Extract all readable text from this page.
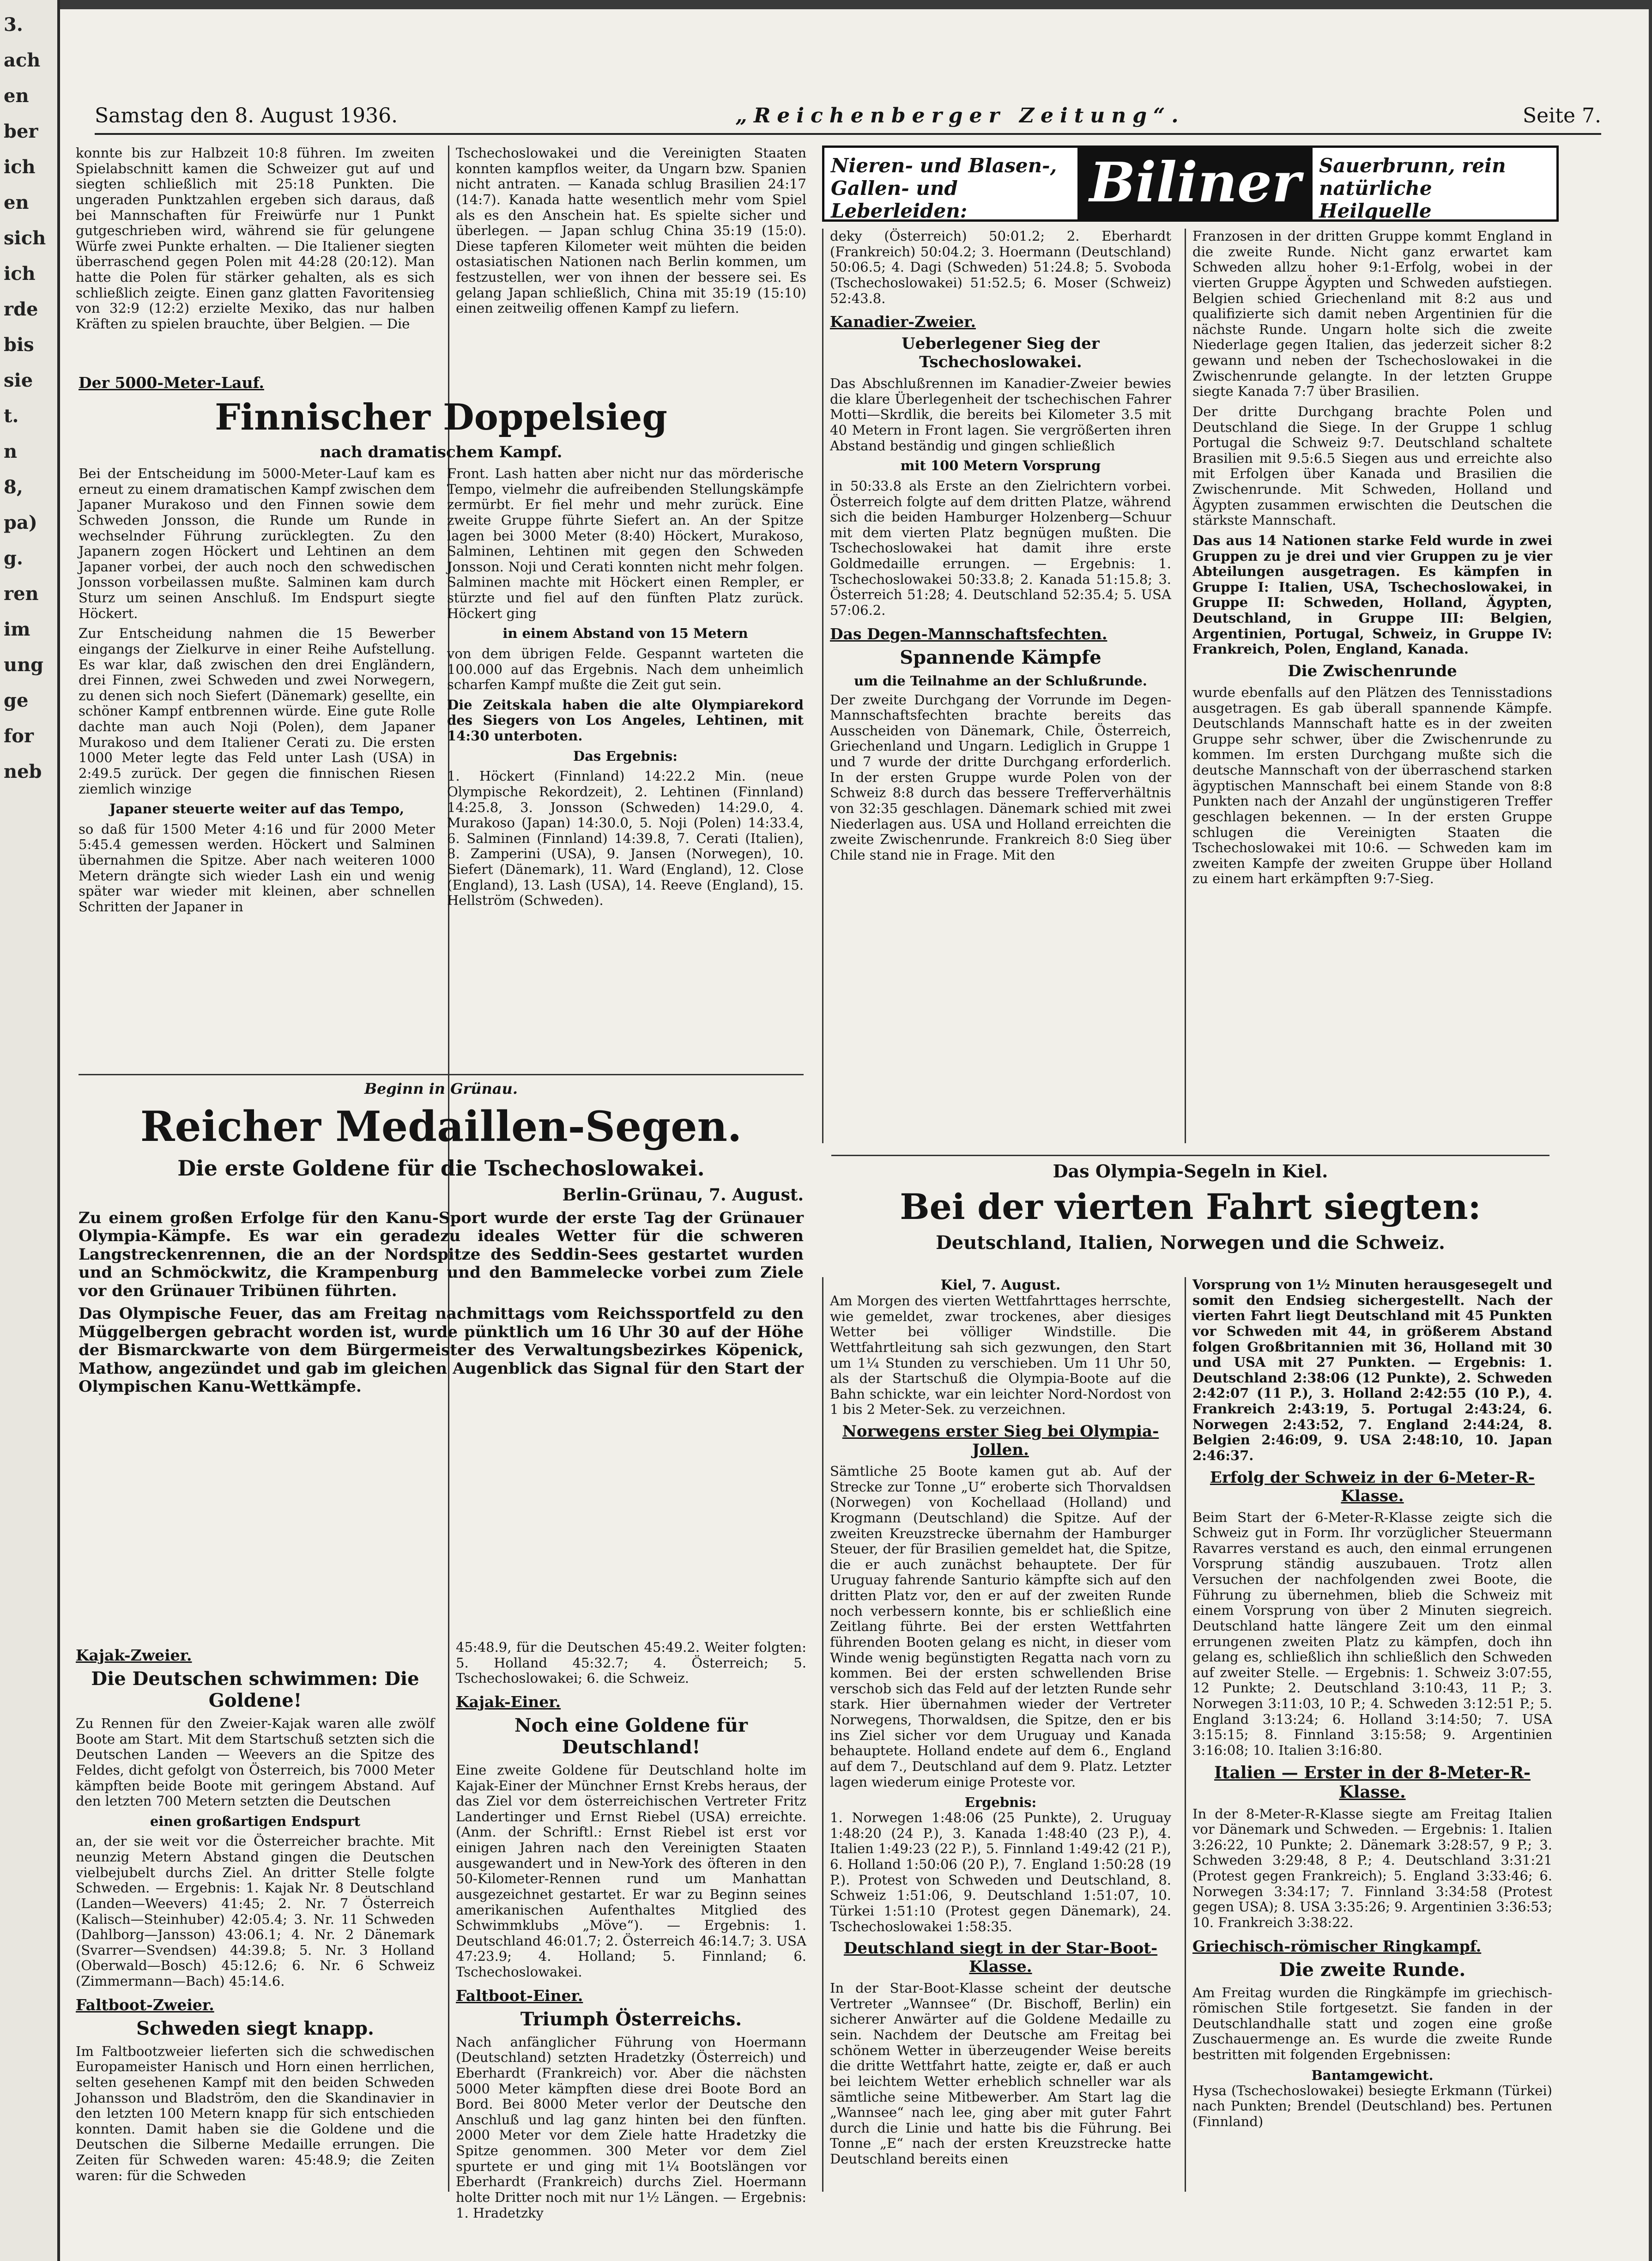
3.
ach
en
ber
ich
en
sich
ich
rde
bis
sie
t.
n
8,
pa)
g.
ren
im
ung
ge
for
neb
Samstag den 8. August 1936.	„Reichenberger Zeitung“.	Seite 7.
Nieren- und Blasen-, Gallen- und Leberleiden:	Biliner Sauerbrunn, rein natürliche Heilquelle

konnte bis zur Halbzeit 10:8 führen. Im zweiten Spielabschnitt kamen die Schweizer gut auf und siegten schließlich mit 25:18 Punkten. Die ungeraden Punktzahlen ergeben sich daraus, daß bei Mannschaften für Freiwürfe nur 1 Punkt gutgeschrieben wird, während sie für gelungene Würfe zwei Punkte erhalten. — Die Italiener siegten überraschend gegen Polen mit 44:28 (20:12). Man hatte die Polen für stärker gehalten, als es sich schließlich zeigte. Einen ganz glatten Favoritensieg von 32:9 (12:2) erzielte Mexiko, das nur halben Kräften zu spielen brauchte, über Belgien. — Die

Tschechoslowakei und die Vereinigten Staaten konnten kampflos weiter, da Ungarn bzw. Spanien nicht antraten. — Kanada schlug Brasilien 24:17 (14:7). Kanada hatte wesentlich mehr vom Spiel als es den Anschein hat. Es spielte sicher und überlegen. — Japan schlug China 35:19 (15:0). Diese tapferen Kilometer weit mühten die beiden ostasiatischen Nationen nach Berlin kommen, um festzustellen, wer von ihnen der bessere sei. Es gelang Japan schließlich, China mit 35:19 (15:10) einen zeitweilig offenen Kampf zu liefern.

Der 5000-Meter-Lauf.
Finnischer Doppelsieg
nach dramatischem Kampf.

Bei der Entscheidung im 5000-Meter-Lauf kam es erneut zu einem dramatischen Kampf zwischen dem Japaner Murakoso und den Finnen sowie dem Schweden Jonsson, die Runde um Runde in wechselnder Führung zurücklegten. Zu den Japanern zogen Höckert und Lehtinen an dem Japaner vorbei, der auch noch den schwedischen Jonsson vorbeilassen mußte. Salminen kam durch Sturz um seinen Anschluß. Im Endspurt siegte Höckert.

Zur Entscheidung nahmen die 15 Bewerber eingangs der Zielkurve in einer Reihe Aufstellung. Es war klar, daß zwischen den drei Engländern, drei Finnen, zwei Schweden und zwei Norwegern, zu denen sich noch Siefert (Dänemark) gesellte, ein schöner Kampf entbrennen würde. Eine gute Rolle dachte man auch Noji (Polen), dem Japaner Murakoso und dem Italiener Cerati zu. Die ersten 1000 Meter legte das Feld unter Lash (USA) in 2:49.5 zurück. Der gegen die finnischen Riesen ziemlich winzige

Japaner steuerte weiter auf das Tempo,

so daß für 1500 Meter 4:16 und für 2000 Meter 5:45.4 gemessen werden. Höckert und Salminen übernahmen die Spitze. Aber nach weiteren 1000 Metern drängte sich wieder Lash ein und wenig später war wieder mit kleinen, aber schnellen Schritten der Japaner in

Front. Lash hatten aber nicht nur das mörderische Tempo, vielmehr die aufreibenden Stellungskämpfe zermürbt. Er fiel mehr und mehr zurück. Eine zweite Gruppe führte Siefert an. An der Spitze lagen bei 3000 Meter (8:40) Höckert, Murakoso, Salminen, Lehtinen mit gegen den Schweden Jonsson. Noji und Cerati konnten nicht mehr folgen. Salminen machte mit Höckert einen Rempler, er stürzte und fiel auf den fünften Platz zurück. Höckert ging

in einem Abstand von 15 Metern

von dem übrigen Felde. Gespannt warteten die 100.000 auf das Ergebnis. Nach dem unheimlich scharfen Kampf mußte die Zeit gut sein.

Die Zeitskala haben die alte Olympiarekord des Siegers von Los Angeles, Lehtinen, mit 14:30 unterboten.

Das Ergebnis:

1. Höckert (Finnland) 14:22.2 Min. (neue Olympische Rekordzeit), 2. Lehtinen (Finnland) 14:25.8, 3. Jonsson (Schweden) 14:29.0, 4. Murakoso (Japan) 14:30.0, 5. Noji (Polen) 14:33.4, 6. Salminen (Finnland) 14:39.8, 7. Cerati (Italien), 8. Zamperini (USA), 9. Jansen (Norwegen), 10. Siefert (Dänemark), 11. Ward (England), 12. Close (England), 13. Lash (USA), 14. Reeve (England), 15. Hellström (Schweden).

Beginn in Grünau.
Reicher Medaillen-Segen.
Die erste Goldene für die Tschechoslowakei.
Berlin-Grünau, 7. August.

Zu einem großen Erfolge für den Kanu-Sport wurde der erste Tag der Grünauer Olympia-Kämpfe. Es war ein geradezu ideales Wetter für die schweren Langstreckenrennen, die an der Nordspitze des Seddin-Sees gestartet wurden und an Schmöckwitz, die Krampenburg und den Bammelecke vorbei zum Ziele vor den Grünauer Tribünen führten.

Das Olympische Feuer, das am Freitag nachmittags vom Reichssportfeld zu den Müggelbergen gebracht worden ist, wurde pünktlich um 16 Uhr 30 auf der Höhe der Bismarckwarte von dem Bürgermeister des Verwaltungsbezirkes Köpenick, Mathow, angezündet und gab im gleichen Augenblick das Signal für den Start der Olympischen Kanu-Wettkämpfe.

Kajak-Zweier.
Die Deutschen schwimmen: Die Goldene!

Zu Rennen für den Zweier-Kajak waren alle zwölf Boote am Start. Mit dem Startschuß setzten sich die Deutschen Landen — Weevers an die Spitze des Feldes, dicht gefolgt von Österreich, bis 7000 Meter kämpften beide Boote mit geringem Abstand. Auf den letzten 700 Metern setzten die Deutschen

einen großartigen Endspurt

an, der sie weit vor die Österreicher brachte. Mit neunzig Metern Abstand gingen die Deutschen vielbejubelt durchs Ziel. An dritter Stelle folgte Schweden. — Ergebnis: 1. Kajak Nr. 8 Deutschland (Landen—Weevers) 41:45; 2. Nr. 7 Österreich (Kalisch—Steinhuber) 42:05.4; 3. Nr. 11 Schweden (Dahlborg—Jansson) 43:06.1; 4. Nr. 2 Dänemark (Svarrer—Svendsen) 44:39.8; 5. Nr. 3 Holland (Oberwald—Bosch) 45:12.6; 6. Nr. 6 Schweiz (Zimmermann—Bach) 45:14.6.

Faltboot-Zweier.
Schweden siegt knapp.

Im Faltbootzweier lieferten sich die schwedischen Europameister Hanisch und Horn einen herrlichen, selten gesehenen Kampf mit den beiden Schweden Johansson und Bladström, den die Skandinavier in den letzten 100 Metern knapp für sich entschieden konnten. Damit haben sie die Goldene und die Deutschen die Silberne Medaille errungen. Die Zeiten für Schweden waren: 45:48.9; die Zeiten waren: für die Schweden

45:48.9, für die Deutschen 45:49.2. Weiter folgten: 5. Holland 45:32.7; 4. Österreich; 5. Tschechoslowakei; 6. die Schweiz.

Kajak-Einer.
Noch eine Goldene für Deutschland!

Eine zweite Goldene für Deutschland holte im Kajak-Einer der Münchner Ernst Krebs heraus, der das Ziel vor dem österreichischen Vertreter Fritz Landertinger und Ernst Riebel (USA) erreichte. (Anm. der Schriftl.: Ernst Riebel ist erst vor einigen Jahren nach den Vereinigten Staaten ausgewandert und in New-York des öfteren in den 50-Kilometer-Rennen rund um Manhattan ausgezeichnet gestartet. Er war zu Beginn seines amerikanischen Aufenthaltes Mitglied des Schwimmklubs „Möve“). — Ergebnis: 1. Deutschland 46:01.7; 2. Österreich 46:14.7; 3. USA 47:23.9; 4. Holland; 5. Finnland; 6. Tschechoslowakei.

Faltboot-Einer.
Triumph Österreichs.

Nach anfänglicher Führung von Hoermann (Deutschland) setzten Hradetzky (Österreich) und Eberhardt (Frankreich) vor. Aber die nächsten 5000 Meter kämpften diese drei Boote Bord an Bord. Bei 8000 Meter verlor der Deutsche den Anschluß und lag ganz hinten bei den fünften. 2000 Meter vor dem Ziele hatte Hradetzky die Spitze genommen. 300 Meter vor dem Ziel spurtete er und ging mit 1¼ Bootslängen vor Eberhardt (Frankreich) durchs Ziel. Hoermann holte Dritter noch mit nur 1½ Längen. — Ergebnis: 1. Hradetzky

deky (Österreich) 50:01.2; 2. Eberhardt (Frankreich) 50:04.2; 3. Hoermann (Deutschland) 50:06.5; 4. Dagi (Schweden) 51:24.8; 5. Svoboda (Tschechoslowakei) 51:52.5; 6. Moser (Schweiz) 52:43.8.

Kanadier-Zweier.
Ueberlegener Sieg der Tschechoslowakei.

Das Abschlußrennen im Kanadier-Zweier bewies die klare Überlegenheit der tschechischen Fahrer Motti—Skrdlik, die bereits bei Kilometer 3.5 mit 40 Metern in Front lagen. Sie vergrößerten ihren Abstand beständig und gingen schließlich

mit 100 Metern Vorsprung

in 50:33.8 als Erste an den Zielrichtern vorbei. Österreich folgte auf dem dritten Platze, während sich die beiden Hamburger Holzenberg—Schuur mit dem vierten Platz begnügen mußten. Die Tschechoslowakei hat damit ihre erste Goldmedaille errungen. — Ergebnis: 1. Tschechoslowakei 50:33.8; 2. Kanada 51:15.8; 3. Österreich 51:28; 4. Deutschland 52:35.4; 5. USA 57:06.2.

Das Degen-Mannschaftsfechten.
Spannende Kämpfe
um die Teilnahme an der Schlußrunde.

Der zweite Durchgang der Vorrunde im Degen-Mannschaftsfechten brachte bereits das Ausscheiden von Dänemark, Chile, Österreich, Griechenland und Ungarn. Lediglich in Gruppe 1 und 7 wurde der dritte Durchgang erforderlich. In der ersten Gruppe wurde Polen von der Schweiz 8:8 durch das bessere Trefferverhältnis von 32:35 geschlagen. Dänemark schied mit zwei Niederlagen aus. USA und Holland erreichten die zweite Zwischenrunde. Frankreich 8:0 Sieg über Chile stand nie in Frage. Mit den

Franzosen in der dritten Gruppe kommt England in die zweite Runde. Nicht ganz erwartet kam Schweden allzu hoher 9:1-Erfolg, wobei in der vierten Gruppe Ägypten und Schweden aufstiegen. Belgien schied Griechenland mit 8:2 aus und qualifizierte sich damit neben Argentinien für die nächste Runde. Ungarn holte sich die zweite Niederlage gegen Italien, das jederzeit sicher 8:2 gewann und neben der Tschechoslowakei in die Zwischenrunde gelangte. In der letzten Gruppe siegte Kanada 7:7 über Brasilien.

Der dritte Durchgang brachte Polen und Deutschland die Siege. In der Gruppe 1 schlug Portugal die Schweiz 9:7. Deutschland schaltete Brasilien mit 9.5:6.5 Siegen aus und erreichte also mit Erfolgen über Kanada und Brasilien die Zwischenrunde. Mit Schweden, Holland und Ägypten zusammen erwischten die Deutschen die stärkste Mannschaft.

Das aus 14 Nationen starke Feld wurde in zwei Gruppen zu je drei und vier Gruppen zu je vier Abteilungen ausgetragen. Es kämpfen in Gruppe I: Italien, USA, Tschechoslowakei, in Gruppe II: Schweden, Holland, Ägypten, Deutschland, in Gruppe III: Belgien, Argentinien, Portugal, Schweiz, in Gruppe IV: Frankreich, Polen, England, Kanada.

Die Zwischenrunde

wurde ebenfalls auf den Plätzen des Tennisstadions ausgetragen. Es gab überall spannende Kämpfe. Deutschlands Mannschaft hatte es in der zweiten Gruppe sehr schwer, über die Zwischenrunde zu kommen. Im ersten Durchgang mußte sich die deutsche Mannschaft von der überraschend starken ägyptischen Mannschaft bei einem Stande von 8:8 Punkten nach der Anzahl der ungünstigeren Treffer geschlagen bekennen. — In der ersten Gruppe schlugen die Vereinigten Staaten die Tschechoslowakei mit 10:6. — Schweden kam im zweiten Kampfe der zweiten Gruppe über Holland zu einem hart erkämpften 9:7-Sieg.

Das Olympia-Segeln in Kiel.
Bei der vierten Fahrt siegten:
Deutschland, Italien, Norwegen und die Schweiz.
Kiel, 7. August.

Am Morgen des vierten Wettfahrttages herrschte, wie gemeldet, zwar trockenes, aber diesiges Wetter bei völliger Windstille. Die Wettfahrtleitung sah sich gezwungen, den Start um 1¼ Stunden zu verschieben. Um 11 Uhr 50, als der Startschuß die Olympia-Boote auf die Bahn schickte, war ein leichter Nord-Nordost von 1 bis 2 Meter-Sek. zu verzeichnen.

Norwegens erster Sieg bei Olympia-Jollen.

Sämtliche 25 Boote kamen gut ab. Auf der Strecke zur Tonne „U“ eroberte sich Thorvaldsen (Norwegen) von Kochellaad (Holland) und Krogmann (Deutschland) die Spitze. Auf der zweiten Kreuzstrecke übernahm der Hamburger Steuer, der für Brasilien gemeldet hat, die Spitze, die er auch zunächst behauptete. Der für Uruguay fahrende Santurio kämpfte sich auf den dritten Platz vor, den er auf der zweiten Runde noch verbessern konnte, bis er schließlich eine Zeitlang führte. Bei der ersten Wettfahrten führenden Booten gelang es nicht, in dieser vom Winde wenig begünstigten Regatta nach vorn zu kommen. Bei der ersten schwellenden Brise verschob sich das Feld auf der letzten Runde sehr stark. Hier übernahmen wieder der Vertreter Norwegens, Thorwaldsen, die Spitze, den er bis ins Ziel sicher vor dem Uruguay und Kanada behauptete. Holland endete auf dem 6., England auf dem 7., Deutschland auf dem 9. Platz. Letzter lagen wiederum einige Proteste vor.

Ergebnis:

1. Norwegen 1:48:06 (25 Punkte), 2. Uruguay 1:48:20 (24 P.), 3. Kanada 1:48:40 (23 P.), 4. Italien 1:49:23 (22 P.), 5. Finnland 1:49:42 (21 P.), 6. Holland 1:50:06 (20 P.), 7. England 1:50:28 (19 P.). Protest von Schweden und Deutschland, 8. Schweiz 1:51:06, 9. Deutschland 1:51:07, 10. Türkei 1:51:10 (Protest gegen Dänemark), 24. Tschechoslowakei 1:58:35.

Deutschland siegt in der Star-Boot-Klasse.

In der Star-Boot-Klasse scheint der deutsche Vertreter „Wannsee“ (Dr. Bischoff, Berlin) ein sicherer Anwärter auf die Goldene Medaille zu sein. Nachdem der Deutsche am Freitag bei schönem Wetter in überzeugender Weise bereits die dritte Wettfahrt hatte, zeigte er, daß er auch bei leichtem Wetter erheblich schneller war als sämtliche seine Mitbewerber. Am Start lag die „Wannsee“ nach lee, ging aber mit guter Fahrt durch die Linie und hatte bis die Führung. Bei Tonne „E“ nach der ersten Kreuzstrecke hatte Deutschland bereits einen

Vorsprung von 1½ Minuten herausgesegelt und somit den Endsieg sichergestellt. Nach der vierten Fahrt liegt Deutschland mit 45 Punkten vor Schweden mit 44, in größerem Abstand folgen Großbritannien mit 36, Holland mit 30 und USA mit 27 Punkten. — Ergebnis: 1. Deutschland 2:38:06 (12 Punkte), 2. Schweden 2:42:07 (11 P.), 3. Holland 2:42:55 (10 P.), 4. Frankreich 2:43:19, 5. Portugal 2:43:24, 6. Norwegen 2:43:52, 7. England 2:44:24, 8. Belgien 2:46:09, 9. USA 2:48:10, 10. Japan 2:46:37.

Erfolg der Schweiz in der 6-Meter-R-Klasse.

Beim Start der 6-Meter-R-Klasse zeigte sich die Schweiz gut in Form. Ihr vorzüglicher Steuermann Ravarres verstand es auch, den einmal errungenen Vorsprung ständig auszubauen. Trotz allen Versuchen der nachfolgenden zwei Boote, die Führung zu übernehmen, blieb die Schweiz mit einem Vorsprung von über 2 Minuten siegreich. Deutschland hatte längere Zeit um den einmal errungenen zweiten Platz zu kämpfen, doch ihn gelang es, schließlich ihn schließlich den Schweden auf zweiter Stelle. — Ergebnis: 1. Schweiz 3:07:55, 12 Punkte; 2. Deutschland 3:10:43, 11 P.; 3. Norwegen 3:11:03, 10 P.; 4. Schweden 3:12:51 P.; 5. England 3:13:24; 6. Holland 3:14:50; 7. USA 3:15:15; 8. Finnland 3:15:58; 9. Argentinien 3:16:08; 10. Italien 3:16:80.

Italien — Erster in der 8-Meter-R-Klasse.

In der 8-Meter-R-Klasse siegte am Freitag Italien vor Dänemark und Schweden. — Ergebnis: 1. Italien 3:26:22, 10 Punkte; 2. Dänemark 3:28:57, 9 P.; 3. Schweden 3:29:48, 8 P.; 4. Deutschland 3:31:21 (Protest gegen Frankreich); 5. England 3:33:46; 6. Norwegen 3:34:17; 7. Finnland 3:34:58 (Protest gegen USA); 8. USA 3:35:26; 9. Argentinien 3:36:53; 10. Frankreich 3:38:22.

Griechisch-römischer Ringkampf.
Die zweite Runde.

Am Freitag wurden die Ringkämpfe im griechisch-römischen Stile fortgesetzt. Sie fanden in der Deutschlandhalle statt und zogen eine große Zuschauermenge an. Es wurde die zweite Runde bestritten mit folgenden Ergebnissen:

Bantamgewicht.

Hysa (Tschechoslowakei) besiegte Erkmann (Türkei) nach Punkten; Brendel (Deutschland) bes. Pertunen (Finnland)
